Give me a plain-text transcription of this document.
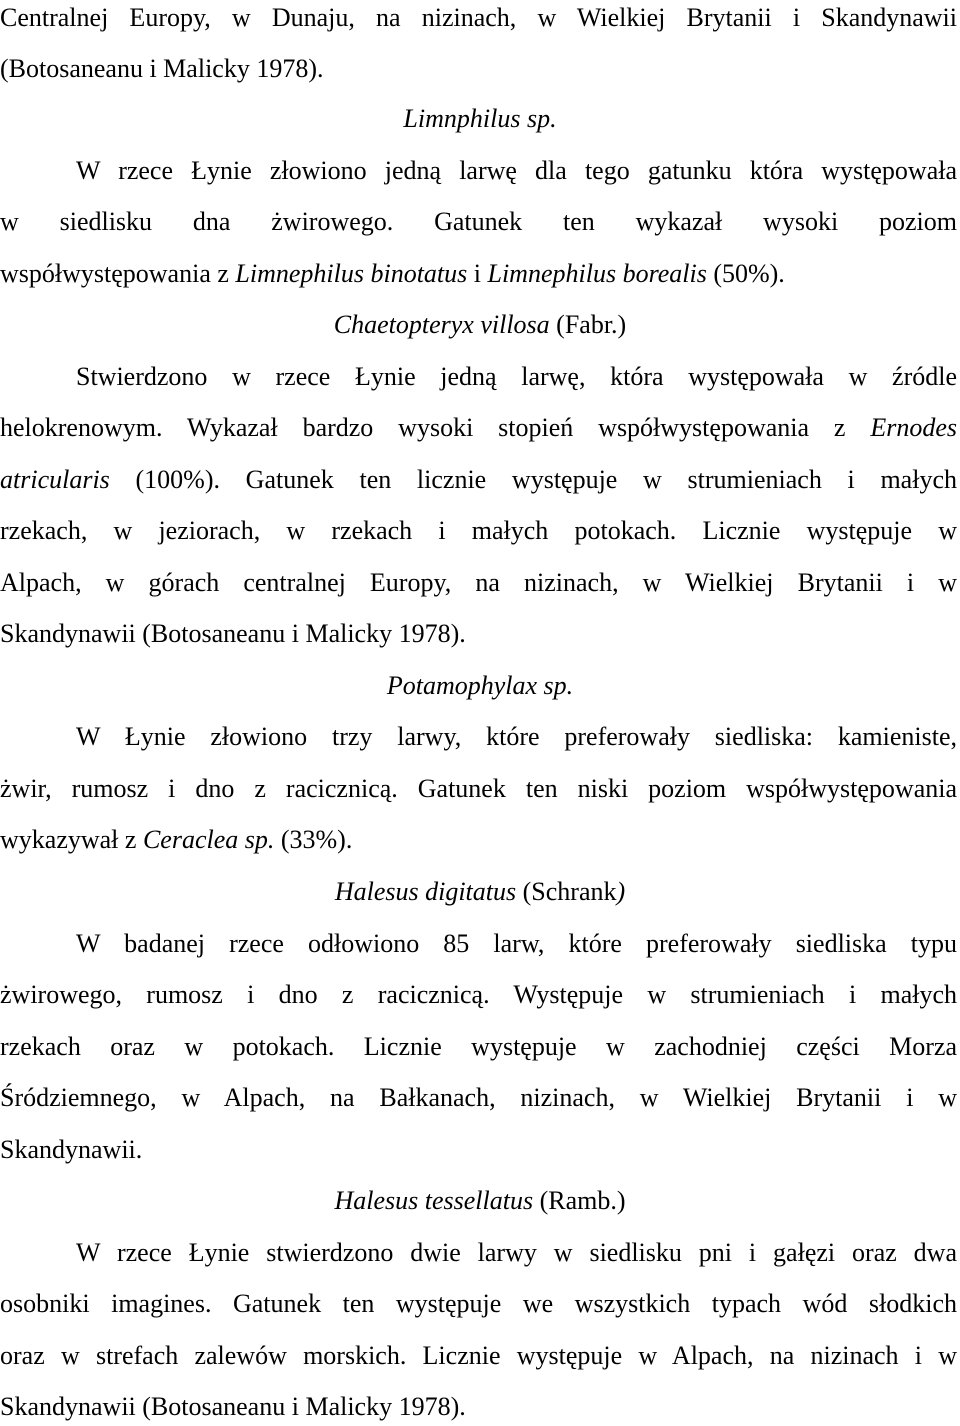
Centralnej Europy, w Dunaju, na nizinach, w Wielkiej Brytanii i Skandynawii
(Botosaneanu i Malicky 1978).
Limnphilus sp.
W rzece Łynie złowiono jedną larwę dla tego gatunku która występowała
w siedlisku dna żwirowego. Gatunek ten wykazał wysoki poziom
współwystępowania z Limnephilus binotatus i Limnephilus borealis (50%).
Chaetopteryx villosa (Fabr.)
Stwierdzono w rzece Łynie jedną larwę, która występowała w źródle
helokrenowym. Wykazał bardzo wysoki stopień współwystępowania z Ernodes
atricularis (100%). Gatunek ten licznie występuje w strumieniach i małych
rzekach, w jeziorach, w rzekach i małych potokach. Licznie występuje w
Alpach, w górach centralnej Europy, na nizinach, w Wielkiej Brytanii i w
Skandynawii (Botosaneanu i Malicky 1978).
Potamophylax sp.
W Łynie złowiono trzy larwy, które preferowały siedliska: kamieniste,
żwir, rumosz i dno z racicznicą. Gatunek ten niski poziom współwystępowania
wykazywał z Ceraclea sp. (33%).
Halesus digitatus (Schrank)
W badanej rzece odłowiono 85 larw, które preferowały siedliska typu
żwirowego, rumosz i dno z racicznicą. Występuje w strumieniach i małych
rzekach oraz w potokach. Licznie występuje w zachodniej części Morza
Śródziemnego, w Alpach, na Bałkanach, nizinach, w Wielkiej Brytanii i w
Skandynawii.
Halesus tessellatus (Ramb.)
W rzece Łynie stwierdzono dwie larwy w siedlisku pni i gałęzi oraz dwa
osobniki imagines. Gatunek ten występuje we wszystkich typach wód słodkich
oraz w strefach zalewów morskich. Licznie występuje w Alpach, na nizinach i w
Skandynawii (Botosaneanu i Malicky 1978).
